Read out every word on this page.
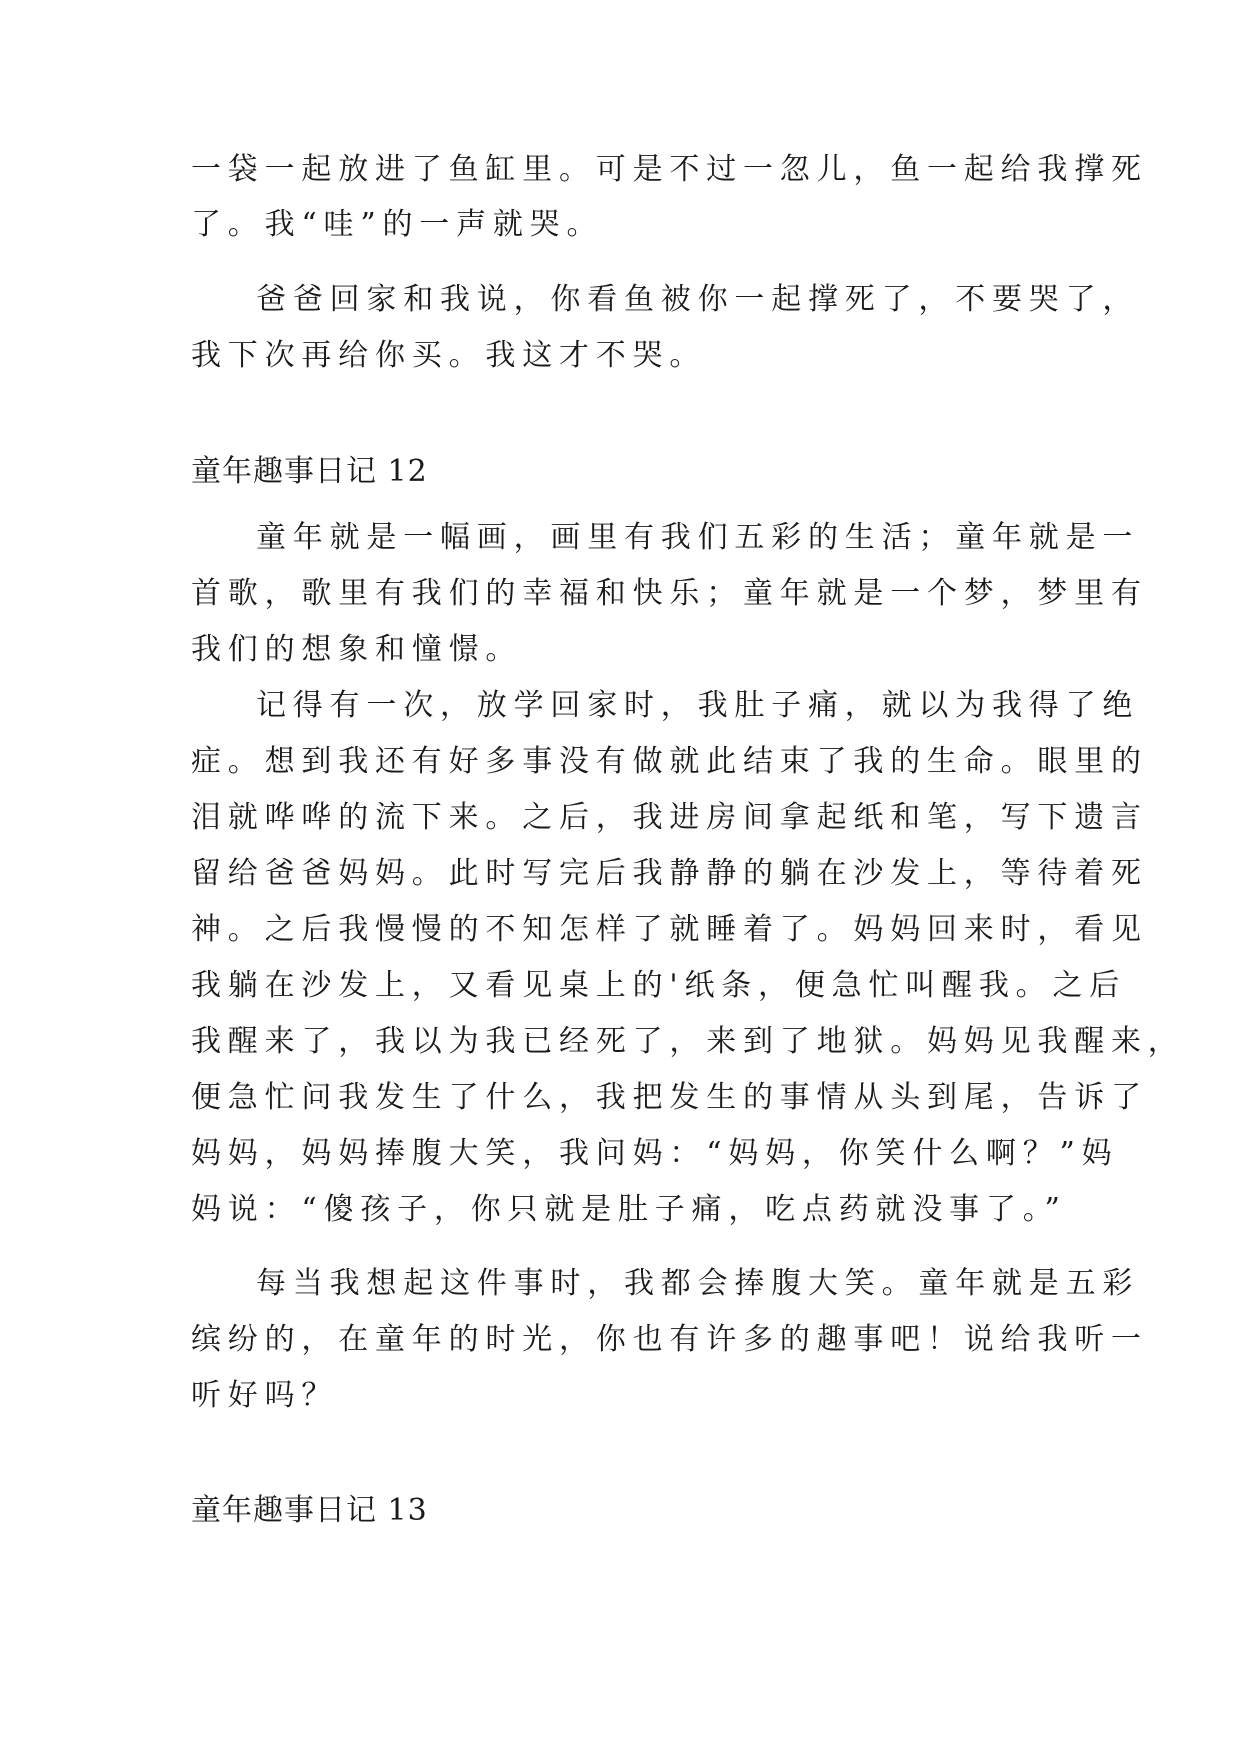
一袋一起放进了鱼缸里。可是不过一忽儿，鱼一起给我撑死
了。我“哇”的一声就哭。
爸爸回家和我说，你看鱼被你一起撑死了，不要哭了，
我下次再给你买。我这才不哭。
童年趣事日记 12
童年就是一幅画，画里有我们五彩的生活；童年就是一
首歌，歌里有我们的幸福和快乐；童年就是一个梦，梦里有
我们的想象和憧憬。
记得有一次，放学回家时，我肚子痛，就以为我得了绝
症。想到我还有好多事没有做就此结束了我的生命。眼里的
泪就哗哗的流下来。之后，我进房间拿起纸和笔，写下遗言
留给爸爸妈妈。此时写完后我静静的躺在沙发上，等待着死
神。之后我慢慢的不知怎样了就睡着了。妈妈回来时，看见
我躺在沙发上，又看见桌上的'纸条，便急忙叫醒我。之后
我醒来了，我以为我已经死了，来到了地狱。妈妈见我醒来，
便急忙问我发生了什么，我把发生的事情从头到尾，告诉了
妈妈，妈妈捧腹大笑，我问妈：“妈妈，你笑什么啊？”妈
妈说：“傻孩子，你只就是肚子痛，吃点药就没事了。”
每当我想起这件事时，我都会捧腹大笑。童年就是五彩
缤纷的，在童年的时光，你也有许多的趣事吧！说给我听一
听好吗？
童年趣事日记 13
